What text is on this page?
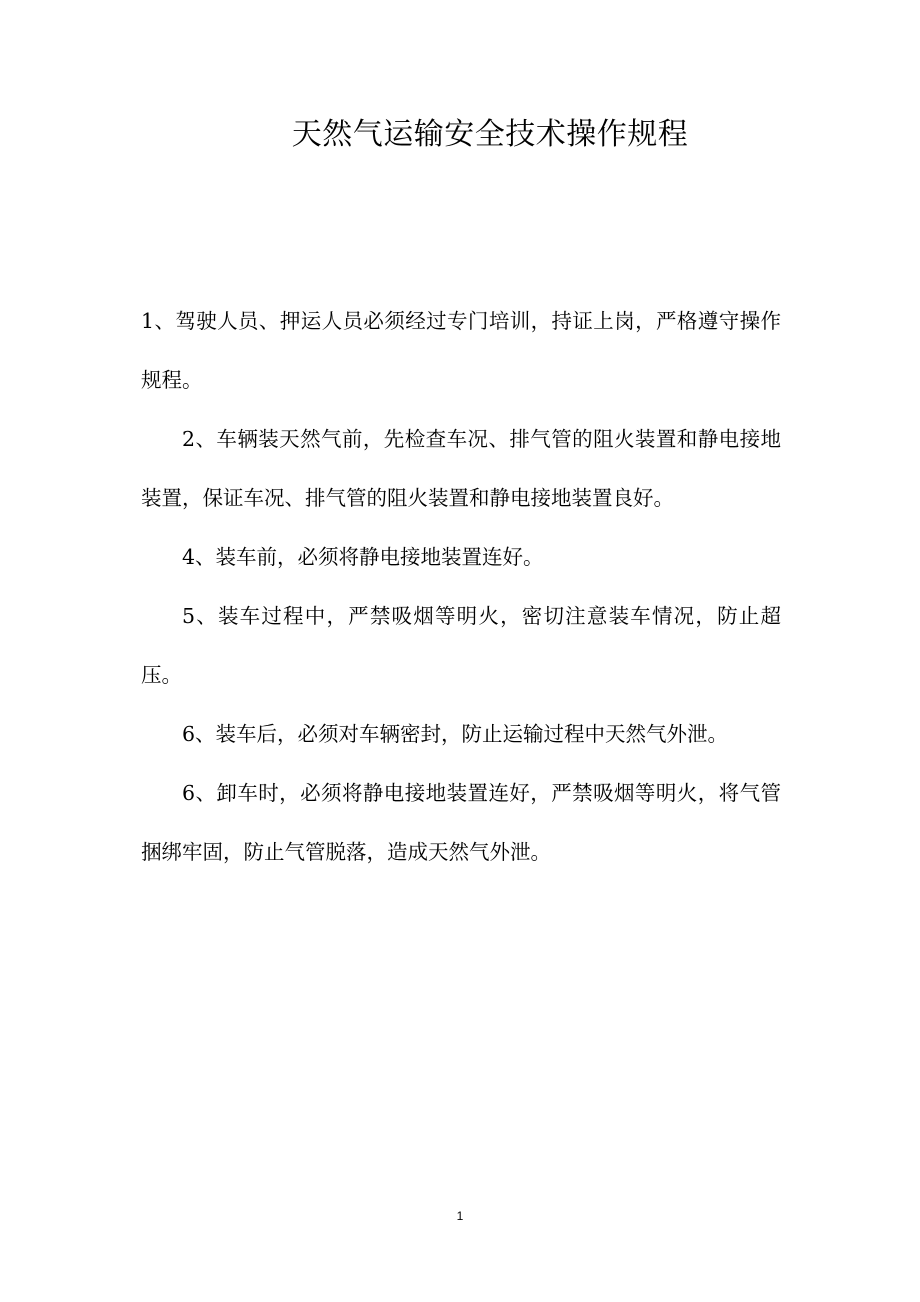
天然气运输安全技术操作规程

1、驾驶人员、押运人员必须经过专门培训，持证上岗，严格遵守操作规程。

2、车辆装天然气前，先检查车况、排气管的阻火装置和静电接地装置，保证车况、排气管的阻火装置和静电接地装置良好。

4、装车前，必须将静电接地装置连好。

5、装车过程中，严禁吸烟等明火，密切注意装车情况，防止超压。

6、装车后，必须对车辆密封，防止运输过程中天然气外泄。

6、卸车时，必须将静电接地装置连好，严禁吸烟等明火，将气管捆绑牢固，防止气管脱落，造成天然气外泄。

1
